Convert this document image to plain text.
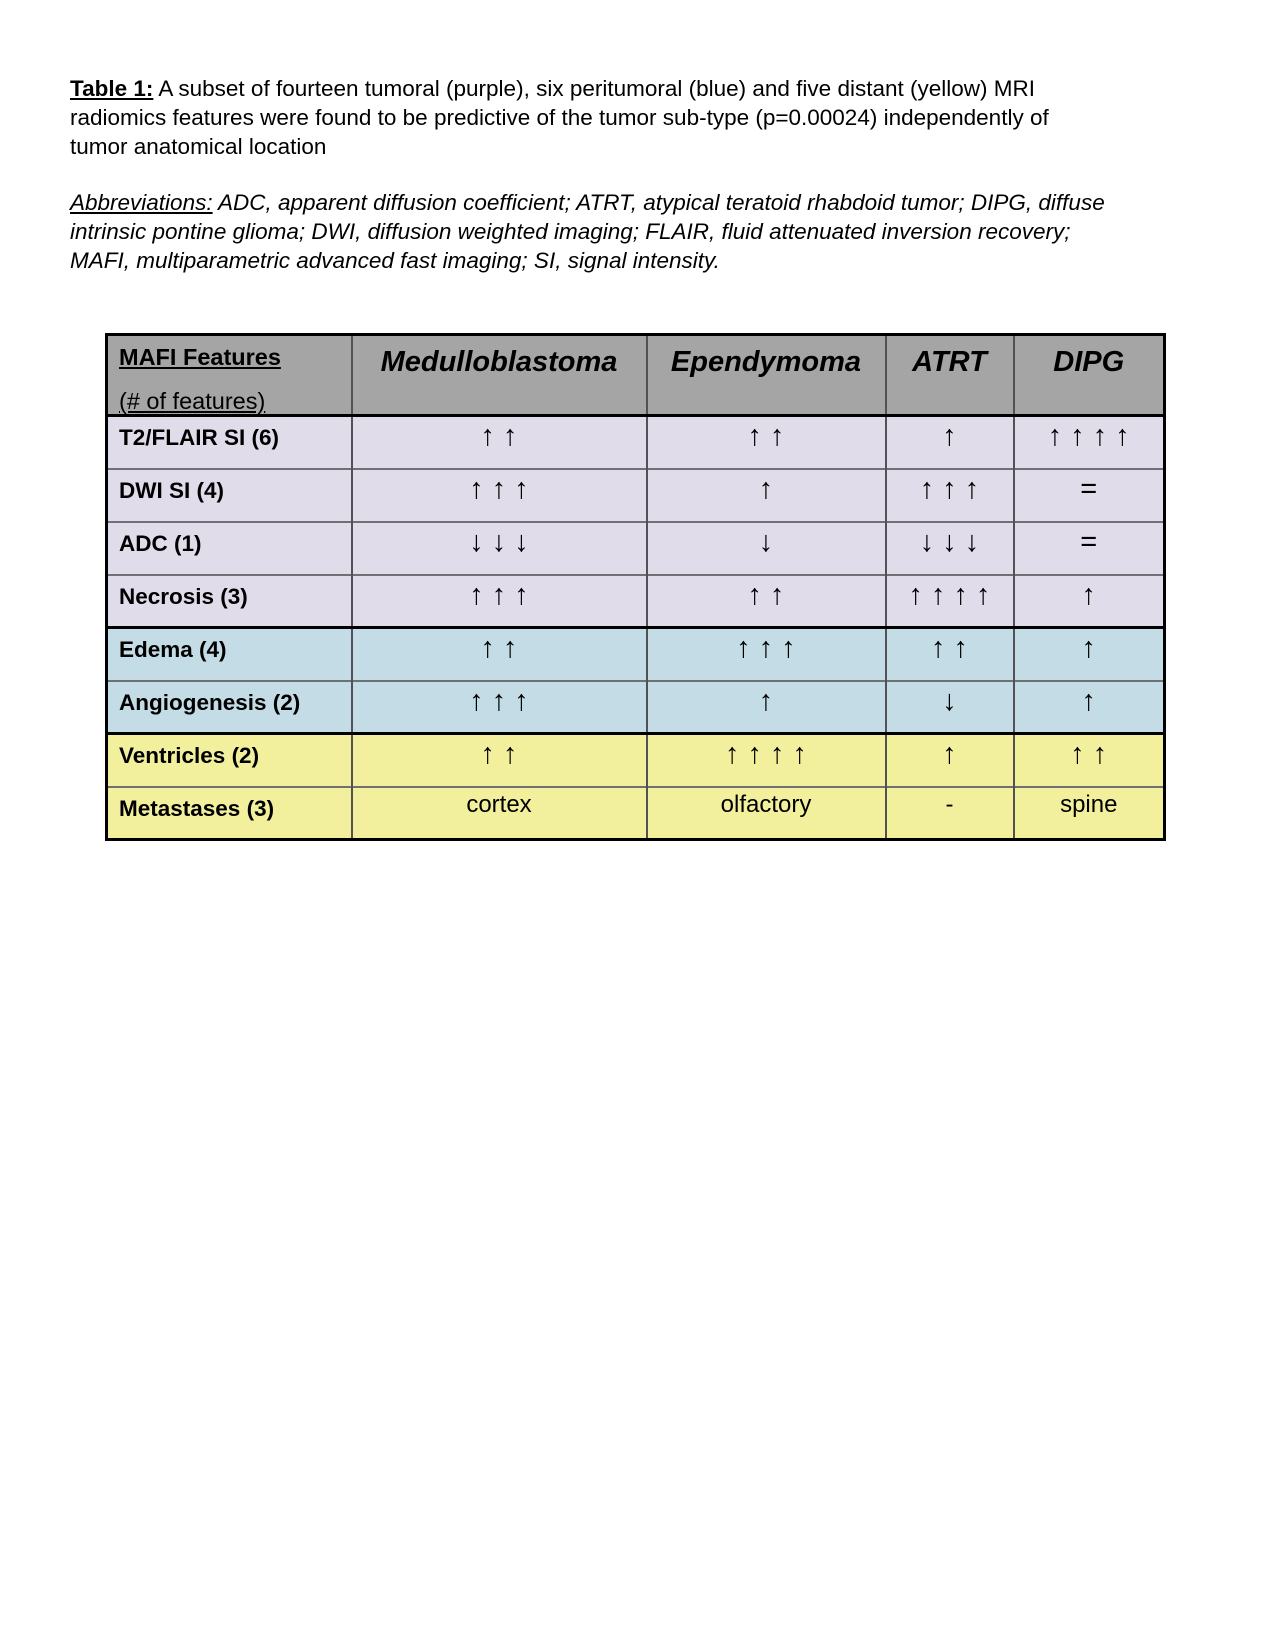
Table 1: A subset of fourteen tumoral (purple), six peritumoral (blue) and five distant (yellow) MRI radiomics features were found to be predictive of the tumor sub-type (p=0.00024) independently of tumor anatomical location

Abbreviations: ADC, apparent diffusion coefficient; ATRT, atypical teratoid rhabdoid tumor; DIPG, diffuse intrinsic pontine glioma; DWI, diffusion weighted imaging; FLAIR, fluid attenuated inversion recovery; MAFI, multiparametric advanced fast imaging; SI, signal intensity.

MAFI Features
(# of features)	Medulloblastoma	Ependymoma	ATRT	DIPG
T2/FLAIR SI (6)	↑↑	↑↑	↑	↑↑↑↑
DWI SI (4)	↑↑↑	↑	↑↑↑	=
ADC (1)	↓↓↓	↓	↓↓↓	=
Necrosis (3)	↑↑↑	↑↑	↑↑↑↑	↑
Edema (4)	↑↑	↑↑↑	↑↑	↑
Angiogenesis (2)	↑↑↑	↑	↓	↑
Ventricles (2)	↑↑	↑↑↑↑	↑	↑↑
Metastases (3)	cortex	olfactory	-	spine
